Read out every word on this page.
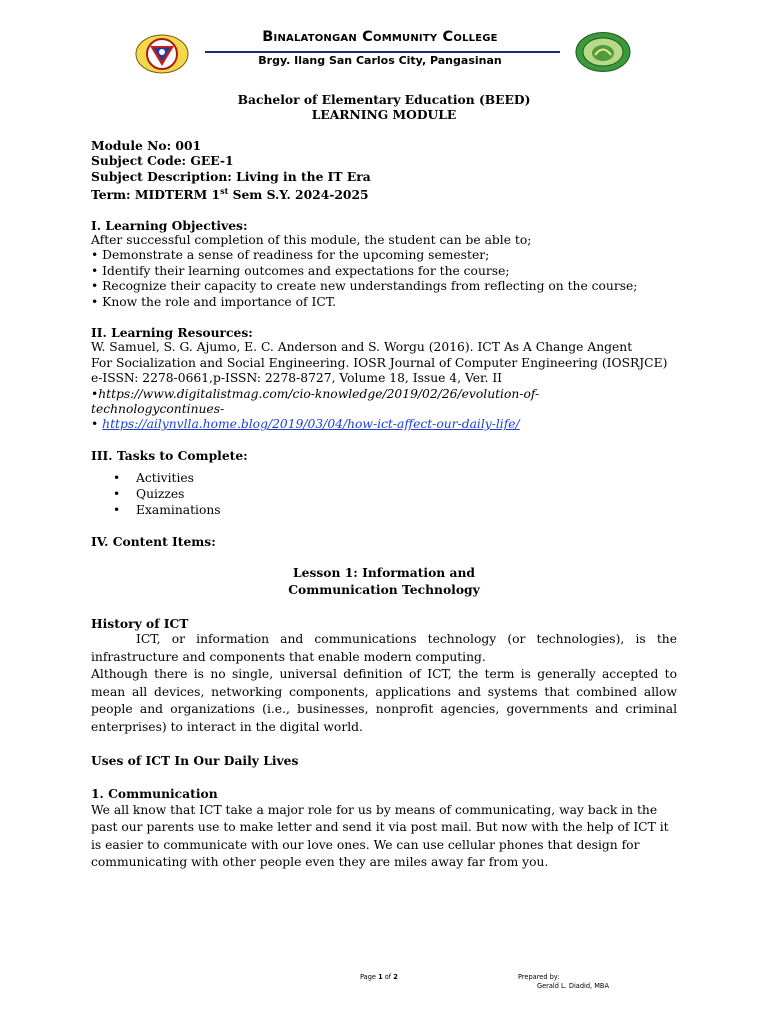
Binalatongan Community College
Brgy. Ilang San Carlos City, Pangasinan
Bachelor of Elementary Education (BEED)
LEARNING MODULE
Module No: 001
Subject Code: GEE-1
Subject Description: Living in the IT Era
Term: MIDTERM 1st Sem S.Y. 2024-2025
I. Learning Objectives:
After successful completion of this module, the student can be able to;
• Demonstrate a sense of readiness for the upcoming semester;
• Identify their learning outcomes and expectations for the course;
• Recognize their capacity to create new understandings from reflecting on the course;
• Know the role and importance of ICT.
II. Learning Resources:
W. Samuel, S. G. Ajumo, E. C. Anderson and S. Worgu (2016). ICT As A Change Angent
For Socialization and Social Engineering. IOSR Journal of Computer Engineering (IOSRJCE)
e-ISSN: 2278-0661,p-ISSN: 2278-8727, Volume 18, Issue 4, Ver. II
•https://www.digitalistmag.com/cio-knowledge/2019/02/26/evolution-of-
technologycontinues-
• https://ailynvlla.home.blog/2019/03/04/how-ict-affect-our-daily-life/
III. Tasks to Complete:
• Activities
• Quizzes
• Examinations
IV. Content Items:
Lesson 1: Information and
Communication Technology
History of ICT
ICT, or information and communications technology (or technologies), is the infrastructure and components that enable modern computing.
Although there is no single, universal definition of ICT, the term is generally accepted to mean all devices, networking components, applications and systems that combined allow people and organizations (i.e., businesses, nonprofit agencies, governments and criminal enterprises) to interact in the digital world.
Uses of ICT In Our Daily Lives
1. Communication
We all know that ICT take a major role for us by means of communicating, way back in the
past our parents use to make letter and send it via post mail. But now with the help of ICT it
is easier to communicate with our love ones. We can use cellular phones that design for
communicating with other people even they are miles away far from you.
Page 1 of 2	Prepared by:
Gerald L. Diadid, MBA
